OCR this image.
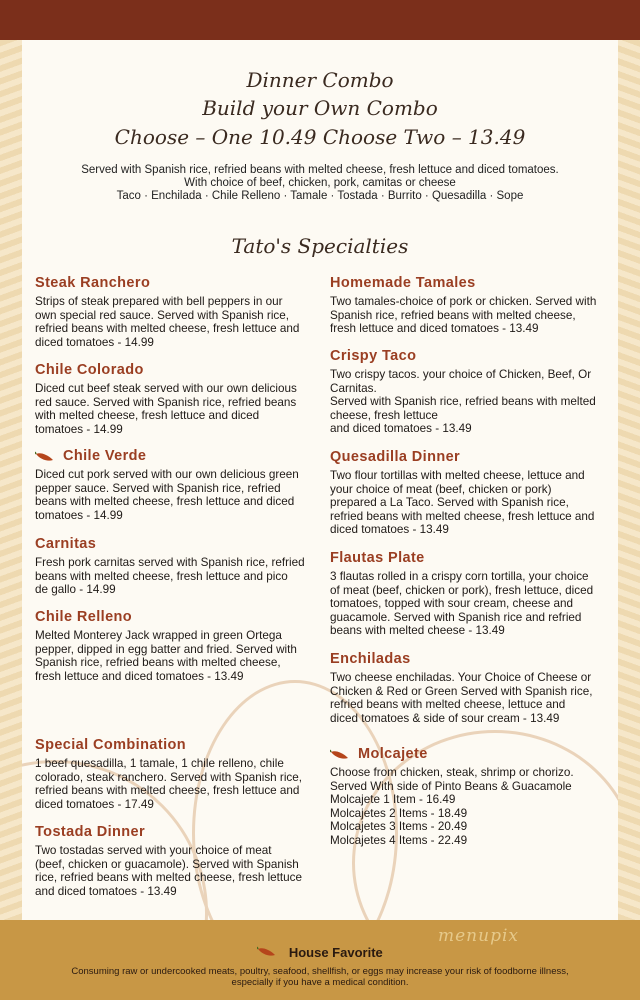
Dinner Combo
Build your Own Combo
Choose – One 10.49 Choose Two – 13.49
Served with Spanish rice, refried beans with melted cheese, fresh lettuce and diced tomatoes.
With choice of beef, chicken, pork, camitas or cheese
Taco · Enchilada · Chile Relleno · Tamale · Tostada · Burrito · Quesadilla · Sope
Tato's Specialties
Steak Ranchero

Strips of steak prepared with bell peppers in our
own special red sauce. Served with Spanish rice,
refried beans with melted cheese, fresh lettuce and
diced tomatoes - 14.99

Chile Colorado

Diced cut beef steak served with our own delicious
red sauce. Served with Spanish rice, refried beans
with melted cheese, fresh lettuce and diced
tomatoes - 14.99

Chile Verde

Diced cut pork served with our own delicious green
pepper sauce. Served with Spanish rice, refried
beans with melted cheese, fresh lettuce and diced
tomatoes - 14.99

Carnitas

Fresh pork carnitas served with Spanish rice, refried
beans with melted cheese, fresh lettuce and pico
de gallo - 14.99

Chile Relleno

Melted Monterey Jack wrapped in green Ortega
pepper, dipped in egg batter and fried. Served with
Spanish rice, refried beans with melted cheese,
fresh lettuce and diced tomatoes - 13.49

Special Combination

1 beef quesadilla, 1 tamale, 1 chile relleno, chile
colorado, steak ranchero. Served with Spanish rice,
refried beans with melted cheese, fresh lettuce and
diced tomatoes - 17.49

Tostada Dinner

Two tostadas served with your choice of meat
(beef, chicken or guacamole). Served with Spanish
rice, refried beans with melted cheese, fresh lettuce
and diced tomatoes - 13.49

Homemade Tamales

Two tamales-choice of pork or chicken. Served with
Spanish rice, refried beans with melted cheese,
fresh lettuce and diced tomatoes - 13.49

Crispy Taco

Two crispy tacos. your choice of Chicken, Beef, Or
Carnitas.
Served with Spanish rice, refried beans with melted
cheese, fresh lettuce
and diced tomatoes - 13.49

Quesadilla Dinner

Two flour tortillas with melted cheese, lettuce and
your choice of meat (beef, chicken or pork)
prepared a La Taco. Served with Spanish rice,
refried beans with melted cheese, fresh lettuce and
diced tomatoes - 13.49

Flautas Plate

3 flautas rolled in a crispy corn tortilla, your choice
of meat (beef, chicken or pork), fresh lettuce, diced
tomatoes, topped with sour cream, cheese and
guacamole. Served with Spanish rice and refried
beans with melted cheese - 13.49

Enchiladas

Two cheese enchiladas. Your Choice of Cheese or
Chicken & Red or Green Served with Spanish rice,
refried beans with melted cheese, lettuce and
diced tomatoes & side of sour cream - 13.49

Molcajete

Choose from chicken, steak, shrimp or chorizo.
Served With side of Pinto Beans & Guacamole
Molcajete 1 Item - 16.49
Molcajetes 2 Items - 18.49
Molcajetes 3 Items - 20.49
Molcajetes 4 Items - 22.49

menupix
House Favorite
Consuming raw or undercooked meats, poultry, seafood, shellfish, or eggs may increase your risk of foodborne illness,
especially if you have a medical condition.
